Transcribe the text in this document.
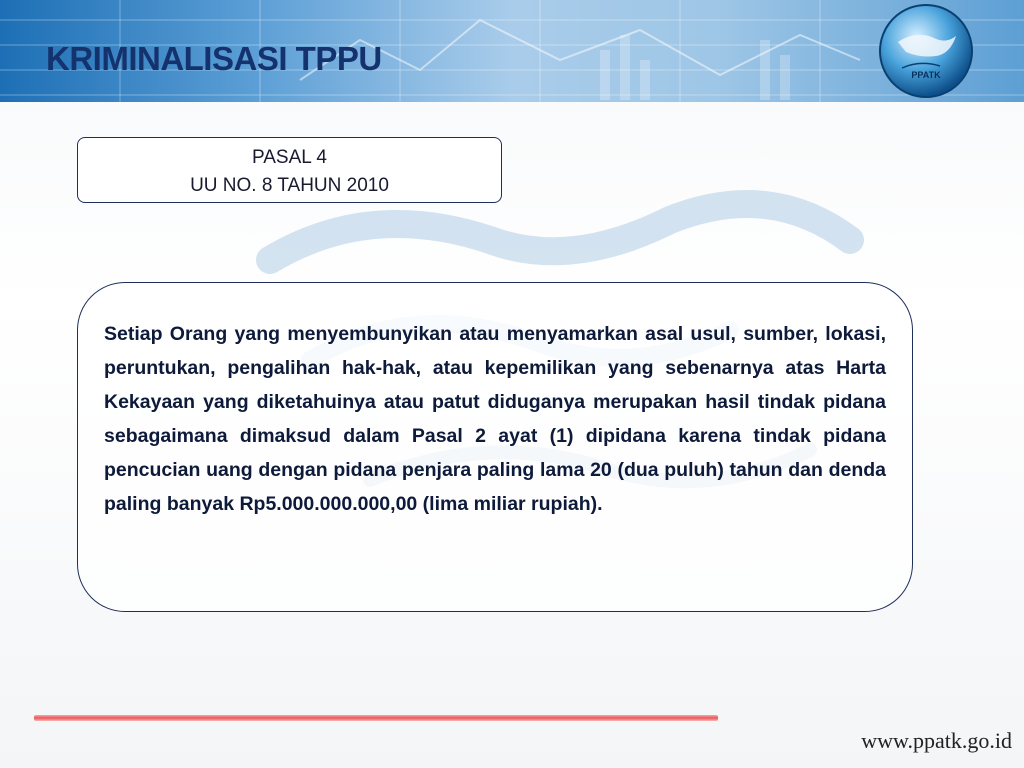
KRIMINALISASI TPPU	PPATK
PASAL 4
UU NO. 8 TAHUN 2010

Setiap Orang yang menyembunyikan atau menyamarkan asal usul, sumber, lokasi, peruntukan, pengalihan hak-hak, atau kepemilikan yang sebenarnya atas Harta Kekayaan yang diketahuinya atau patut diduganya merupakan hasil tindak pidana sebagaimana dimaksud dalam Pasal 2 ayat (1) dipidana karena tindak pidana pencucian uang dengan pidana penjara paling lama 20 (dua puluh) tahun dan denda paling banyak Rp5.000.000.000,00 (lima miliar rupiah).

www.ppatk.go.id
